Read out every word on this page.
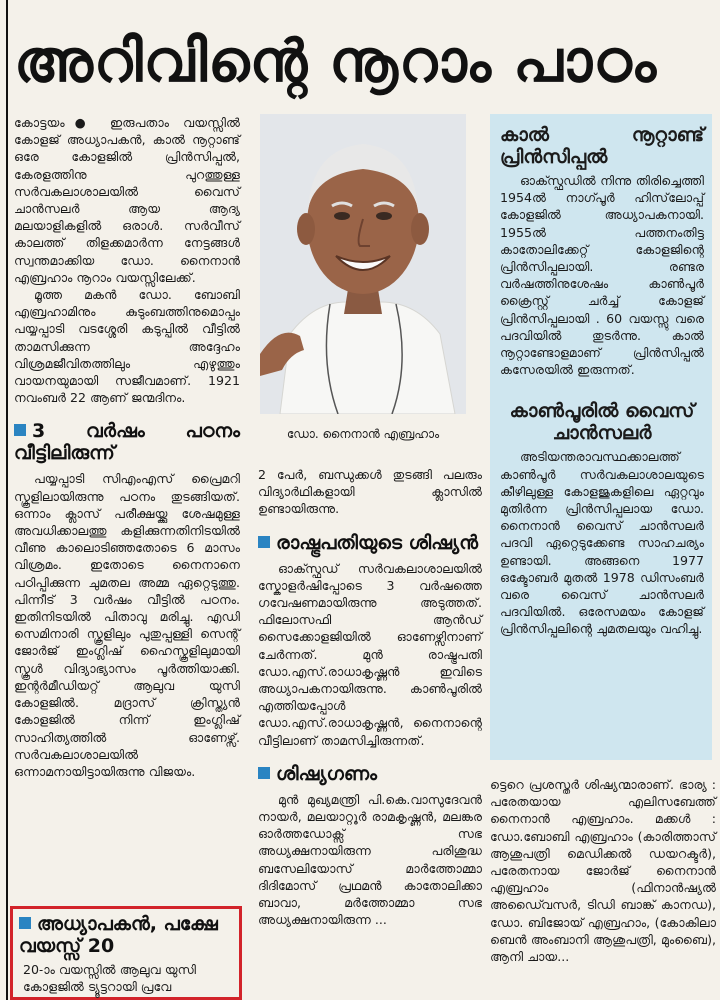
അറിവിന്റെ നൂറാം പാഠം

കോട്ടയം● ഇരുപതാം വയസ്സിൽ കോളജ് അധ്യാപകൻ, കാൽ നൂറ്റാണ്ട് ഒരേ കോളജിൽ പ്രിൻസിപ്പൽ, കേരളത്തിനു പുറത്തുള്ള സർവകലാശാലയിൽ വൈസ് ചാൻസലർ ആയ ആദ്യ മലയാളികളിൽ ഒരാൾ. സർവീസ് കാലത്ത് തിളക്കമാർന്ന നേട്ടങ്ങൾ സ്വന്തമാക്കിയ ഡോ. നൈനാൻ എബ്രഹാം നൂറാം വയസ്സിലേക്ക്.

മൂത്ത മകൻ ഡോ. ബോബി എബ്രഹാമിനും കുടുംബത്തിനുമൊപ്പം പയ്യപ്പാടി വടശ്ശേരി കടുപ്പിൽ വീട്ടിൽ താമസിക്കുന്ന അദ്ദേഹം വിശ്രമജീവിതത്തിലും എഴുത്തും വായനയുമായി സജീവമാണ്. 1921 നവംബർ 22 ആണ് ജന്മദിനം.

3 വർഷം പഠനം വീട്ടിലിരുന്ന്

പയ്യപ്പാടി സിഎംഎസ് പ്രൈമറി സ്കൂളിലായിരുന്നു പഠനം തുടങ്ങിയത്. ഒന്നാം ക്ലാസ് പരീക്ഷയ്ക്കു ശേഷമുള്ള അവധിക്കാലത്തു കളിക്കുന്നതിനിടയിൽ വീണു കാലൊടിഞ്ഞതോടെ 6 മാസം വിശ്രമം. ഇതോടെ നൈനാനെ പഠിപ്പിക്കുന്ന ചുമതല അമ്മ ഏറ്റെടുത്തു. പിന്നീട് 3 വർഷം വീട്ടിൽ പഠനം. ഇതിനിടയിൽ പിതാവു മരിച്ചു. എഡി സെമിനാരി സ്കൂളിലും പുതുപ്പള്ളി സെന്റ് ജോർജ് ഇംഗ്ലിഷ് ഹൈസ്കൂളിലുമായി സ്കൂൾ വിദ്യാഭ്യാസം പൂർത്തിയാക്കി. ഇന്റർമീഡിയറ്റ് ആലുവ യുസി കോളജിൽ. മദ്രാസ് ക്രിസ്ത്യൻ കോളജിൽ നിന്ന് ഇംഗ്ലിഷ് സാഹിത്യത്തിൽ ഓണേഴ്സ്. സർവകലാശാലയിൽ ഒന്നാമനായിട്ടായിരുന്നു വിജയം.

അധ്യാപകൻ, പക്ഷേ വയസ്സ് 20

20-ാം വയസ്സിൽ ആലുവ യുസി കോളജിൽ ട്യൂട്ടറായി പ്രവേ

ഡോ. നൈനാൻ എബ്രഹാം

2 പേർ, ബന്ധുക്കൾ തുടങ്ങി പലരും വിദ്യാർഥികളായി ക്ലാസിൽ ഉണ്ടായിരുന്നു.

രാഷ്ട്രപതിയുടെ ശിഷ്യൻ

ഓക്സ്ഫഡ് സർവകലാശാലയിൽ സ്കോളർഷിപ്പോടെ 3 വർഷത്തെ ഗവേഷണമായിരുന്നു അടുത്തത്. ഫിലോസഫി ആൻഡ് സൈക്കോളജിയിൽ ഓണേഴ്സിനാണ് ചേർന്നത്. മുൻ രാഷ്ട്രപതി ഡോ.എസ്.രാധാകൃഷ്ണൻ ഇവിടെ അധ്യാപകനായിരുന്നു. കാൺപൂരിൽ എത്തിയപ്പോൾ ഡോ.എസ്.രാധാകൃഷ്ണൻ, നൈനാന്റെ വീട്ടിലാണ് താമസിച്ചിരുന്നത്.

ശിഷ്യഗണം

മുൻ മുഖ്യമന്ത്രി പി.കെ.വാസുദേവൻ നായർ, മലയാറ്റൂർ രാമകൃഷ്ണൻ, മലങ്കര ഓർത്തഡോക്സ് സഭ അധ്യക്ഷനായിരുന്ന പരിശുദ്ധ ബസേലിയോസ് മാർത്തോമ്മാ ദിദിമോസ് പ്രഥമൻ കാതോലിക്കാ ബാവാ, മർത്തോമ്മാ സഭ അധ്യക്ഷനായിരുന്ന ...

കാൽ നൂറ്റാണ്ട് പ്രിൻസിപ്പൽ

ഓക്സ്ഫഡിൽ നിന്നു തിരിച്ചെത്തി 1954ൽ നാഗ്പൂർ ഹിസ്‌ലോപ്പ് കോളജിൽ അധ്യാപകനായി. 1955ൽ പത്തനംതിട്ട കാതോലിക്കേറ്റ് കോളജിന്റെ പ്രിൻസിപ്പലായി. രണ്ടര വർഷത്തിനുശേഷം കാൺപൂർ ക്രൈസ്റ്റ് ചർച്ച് കോളജ് പ്രിൻസിപ്പലായി . 60 വയസ്സു വരെ പദവിയിൽ തുടർന്നു. കാൽ നൂറ്റാണ്ടോളമാണ് പ്രിൻസിപ്പൽ കസേരയിൽ ഇരുന്നത്.

കാൺപൂരിൽ വൈസ് ചാൻസലർ

അടിയന്തരാവസ്ഥക്കാലത്ത് കാൺപൂർ സർവകലാശാലയുടെ കീഴിലുള്ള കോളജുകളിലെ ഏറ്റവും മുതിർന്ന പ്രിൻസിപ്പലായ ഡോ. നൈനാൻ വൈസ് ചാൻസലർ പദവി ഏറ്റെടുക്കേണ്ട സാഹചര്യം ഉണ്ടായി. അങ്ങനെ 1977 ഒക്ടോബർ മുതൽ 1978 ഡിസംബർ വരെ വൈസ് ചാൻസലർ പദവിയിൽ. ഒരേസമയം കോളജ് പ്രിൻസിപ്പലിന്റെ ചുമതലയും വഹിച്ചു.

ട്ടെറെ പ്രശസ്തർ ശിഷ്യന്മാരാണ്. ഭാര്യ : പരേതയായ എലിസബേത്ത് നൈനാൻ എബ്രഹാം. മക്കൾ : ഡോ.ബോബി എബ്രഹാം (കാരിത്താസ് ആശുപത്രി മെഡിക്കൽ ഡയറക്ടർ), പരേതനായ ജോർജ് നൈനാൻ എബ്രഹാം (ഫിനാൻഷ്യൽ അഡൈ്വസർ, ടിഡി ബാങ്ക് കാനഡ), ഡോ. ബിജോയ് എബ്രഹാം, (കോകിലാ ബെൻ അംബാനി ആശുപത്രി, മുംബൈ), ആനി ചായ...
